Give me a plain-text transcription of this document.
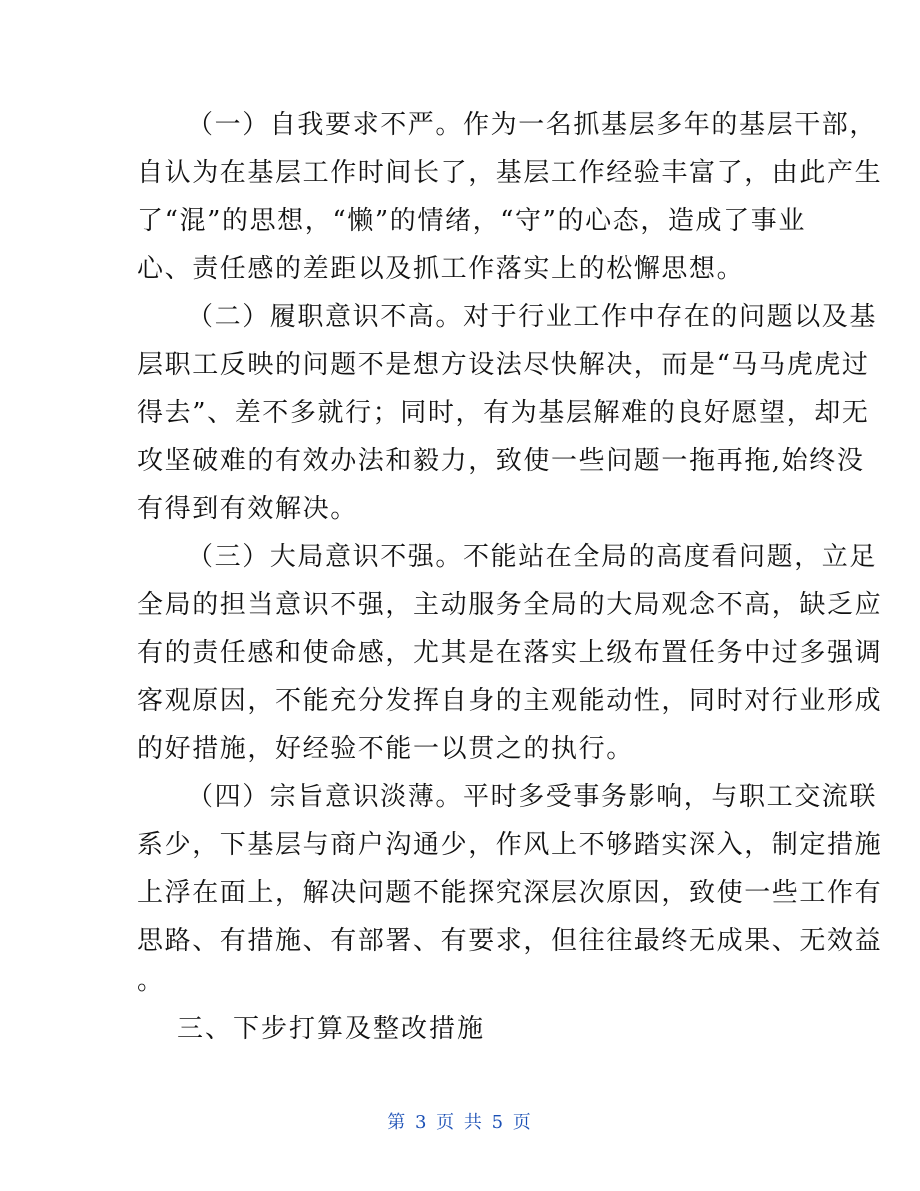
（一）自我要求不严。作为一名抓基层多年的基层干部，
自认为在基层工作时间长了，基层工作经验丰富了，由此产生
了“混”的思想，“懒”的情绪，“守”的心态，造成了事业
心、责任感的差距以及抓工作落实上的松懈思想。
（二）履职意识不高。对于行业工作中存在的问题以及基
层职工反映的问题不是想方设法尽快解决，而是“马马虎虎过
得去”、差不多就行；同时，有为基层解难的良好愿望，却无
攻坚破难的有效办法和毅力，致使一些问题一拖再拖,始终没
有得到有效解决。
（三）大局意识不强。不能站在全局的高度看问题，立足
全局的担当意识不强，主动服务全局的大局观念不高，缺乏应
有的责任感和使命感，尤其是在落实上级布置任务中过多强调
客观原因，不能充分发挥自身的主观能动性，同时对行业形成
的好措施，好经验不能一以贯之的执行。
（四）宗旨意识淡薄。平时多受事务影响，与职工交流联
系少，下基层与商户沟通少，作风上不够踏实深入，制定措施
上浮在面上，解决问题不能探究深层次原因，致使一些工作有
思路、有措施、有部署、有要求，但往往最终无成果、无效益
。
三、下步打算及整改措施
第 3 页 共 5 页
